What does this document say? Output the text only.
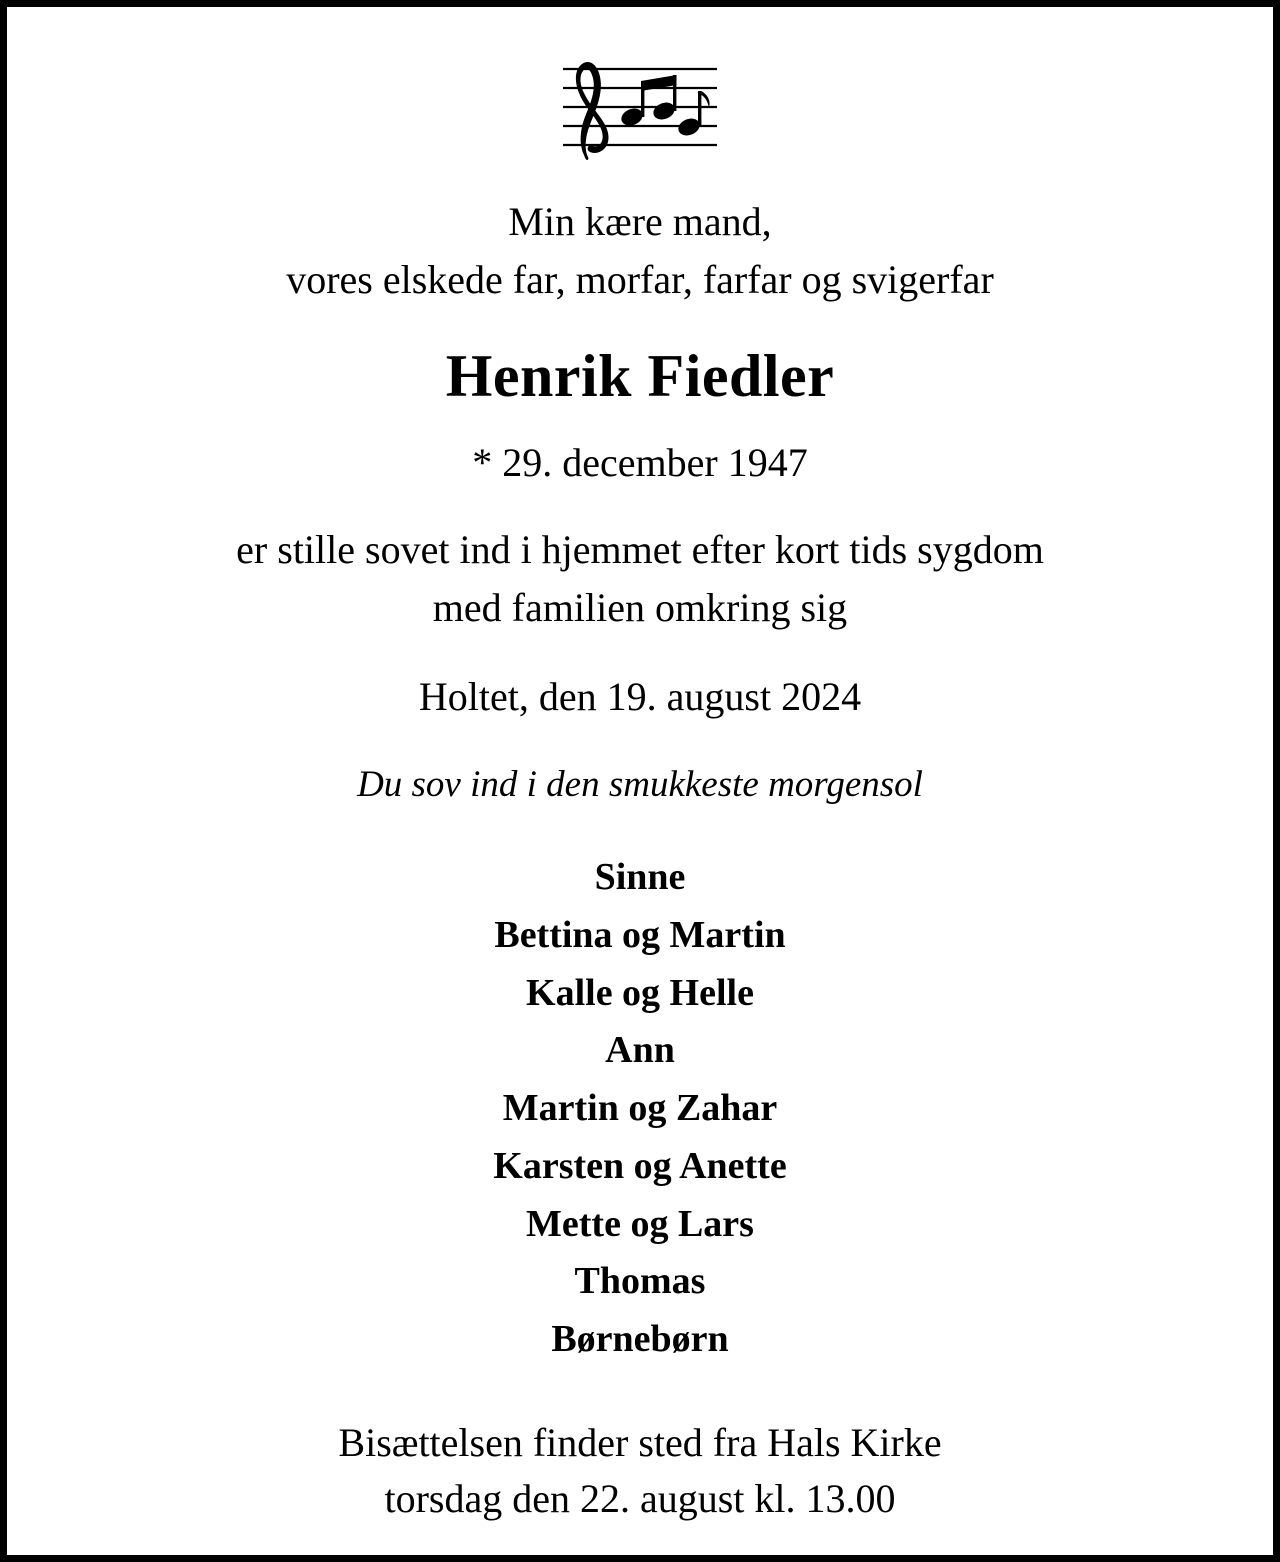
Min kære mand,
vores elskede far, morfar, farfar og svigerfar
Henrik Fiedler
* 29. december 1947
er stille sovet ind i hjemmet efter kort tids sygdom
med familien omkring sig
Holtet, den 19. august 2024
Du sov ind i den smukkeste morgensol
Sinne
Bettina og Martin
Kalle og Helle
Ann
Martin og Zahar
Karsten og Anette
Mette og Lars
Thomas
Børnebørn
Bisættelsen finder sted fra Hals Kirke
torsdag den 22. august kl. 13.00
